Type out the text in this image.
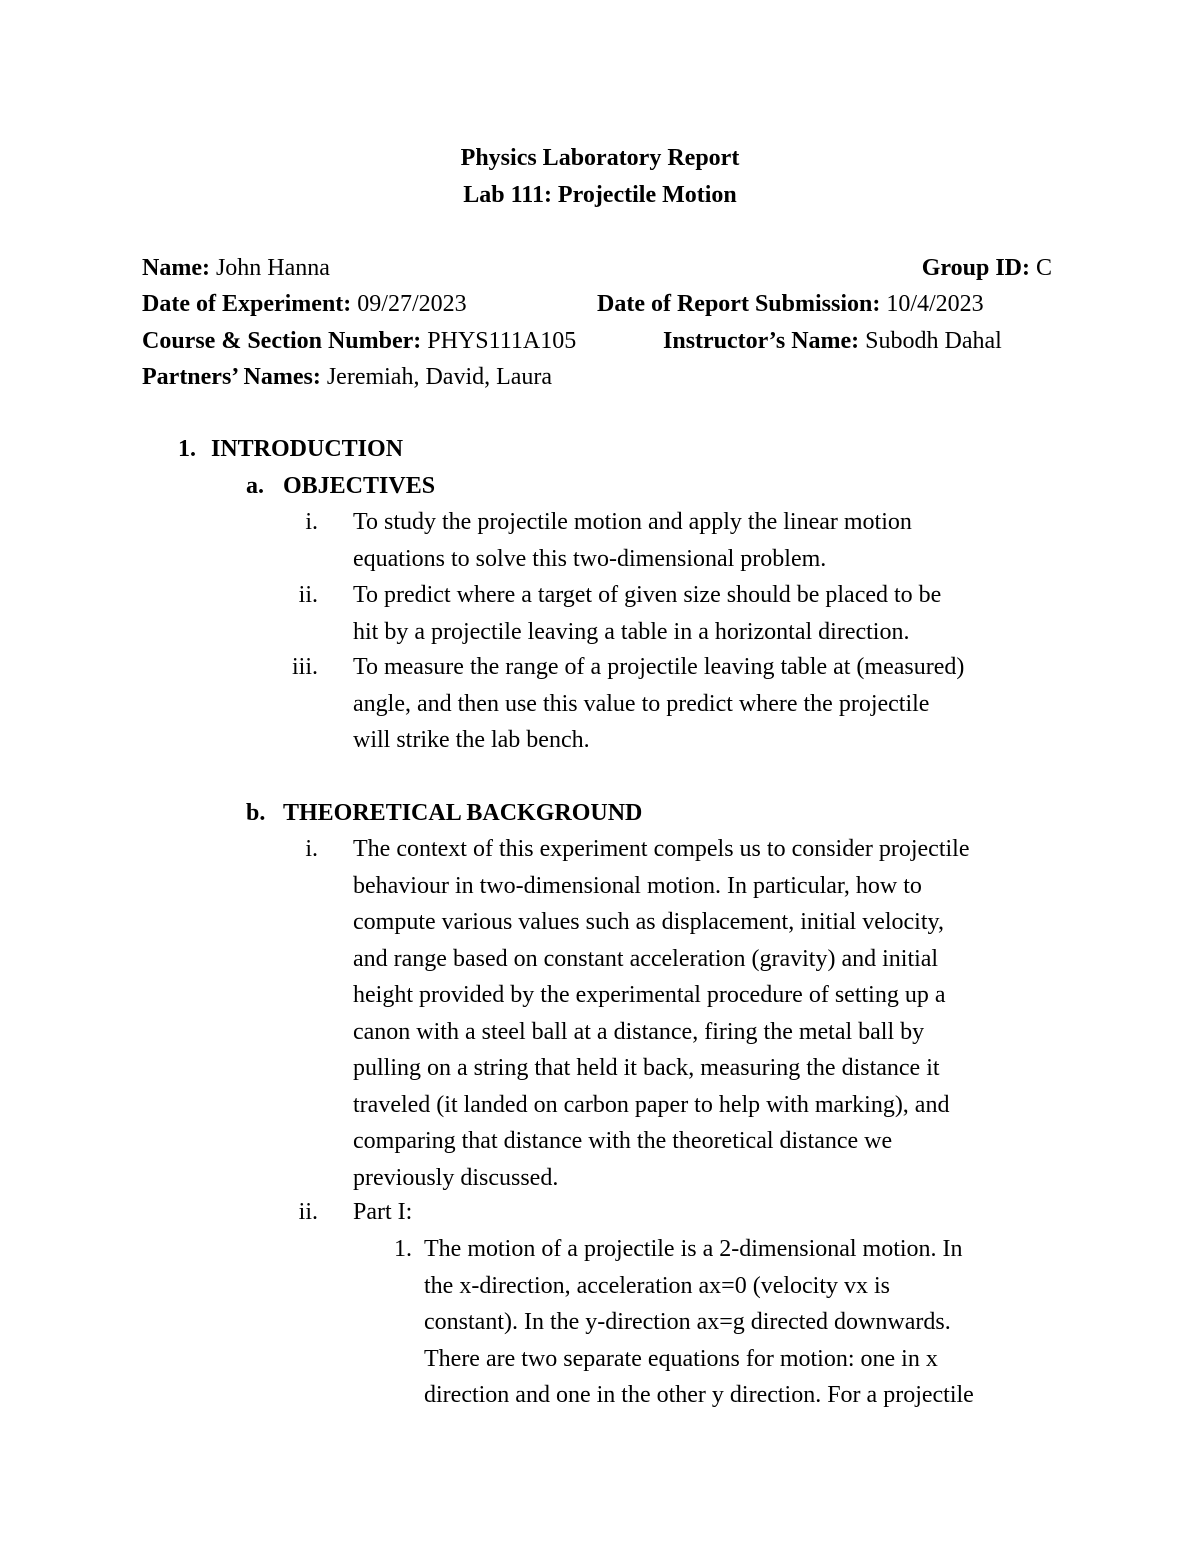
Physics Laboratory Report
Lab 111: Projectile Motion
Name: John Hanna	Group ID: C
Date of Experiment: 09/27/2023	Date of Report Submission: 10/4/2023
Course & Section Number: PHYS111A105	Instructor’s Name: Subodh Dahal
Partners’ Names: Jeremiah, David, Laura
1. INTRODUCTION
a. OBJECTIVES
i. To study the projectile motion and apply the linear motion
equations to solve this two-dimensional problem.
ii. To predict where a target of given size should be placed to be
hit by a projectile leaving a table in a horizontal direction.
iii. To measure the range of a projectile leaving table at (measured)
angle, and then use this value to predict where the projectile
will strike the lab bench.
b. THEORETICAL BACKGROUND
i. The context of this experiment compels us to consider projectile
behaviour in two-dimensional motion. In particular, how to
compute various values such as displacement, initial velocity,
and range based on constant acceleration (gravity) and initial
height provided by the experimental procedure of setting up a
canon with a steel ball at a distance, firing the metal ball by
pulling on a string that held it back, measuring the distance it
traveled (it landed on carbon paper to help with marking), and
comparing that distance with the theoretical distance we
previously discussed.
ii. Part I:
1. The motion of a projectile is a 2-dimensional motion. In
the x-direction, acceleration ax=0 (velocity vx is
constant). In the y-direction ax=g directed downwards.
There are two separate equations for motion: one in x
direction and one in the other y direction. For a projectile
